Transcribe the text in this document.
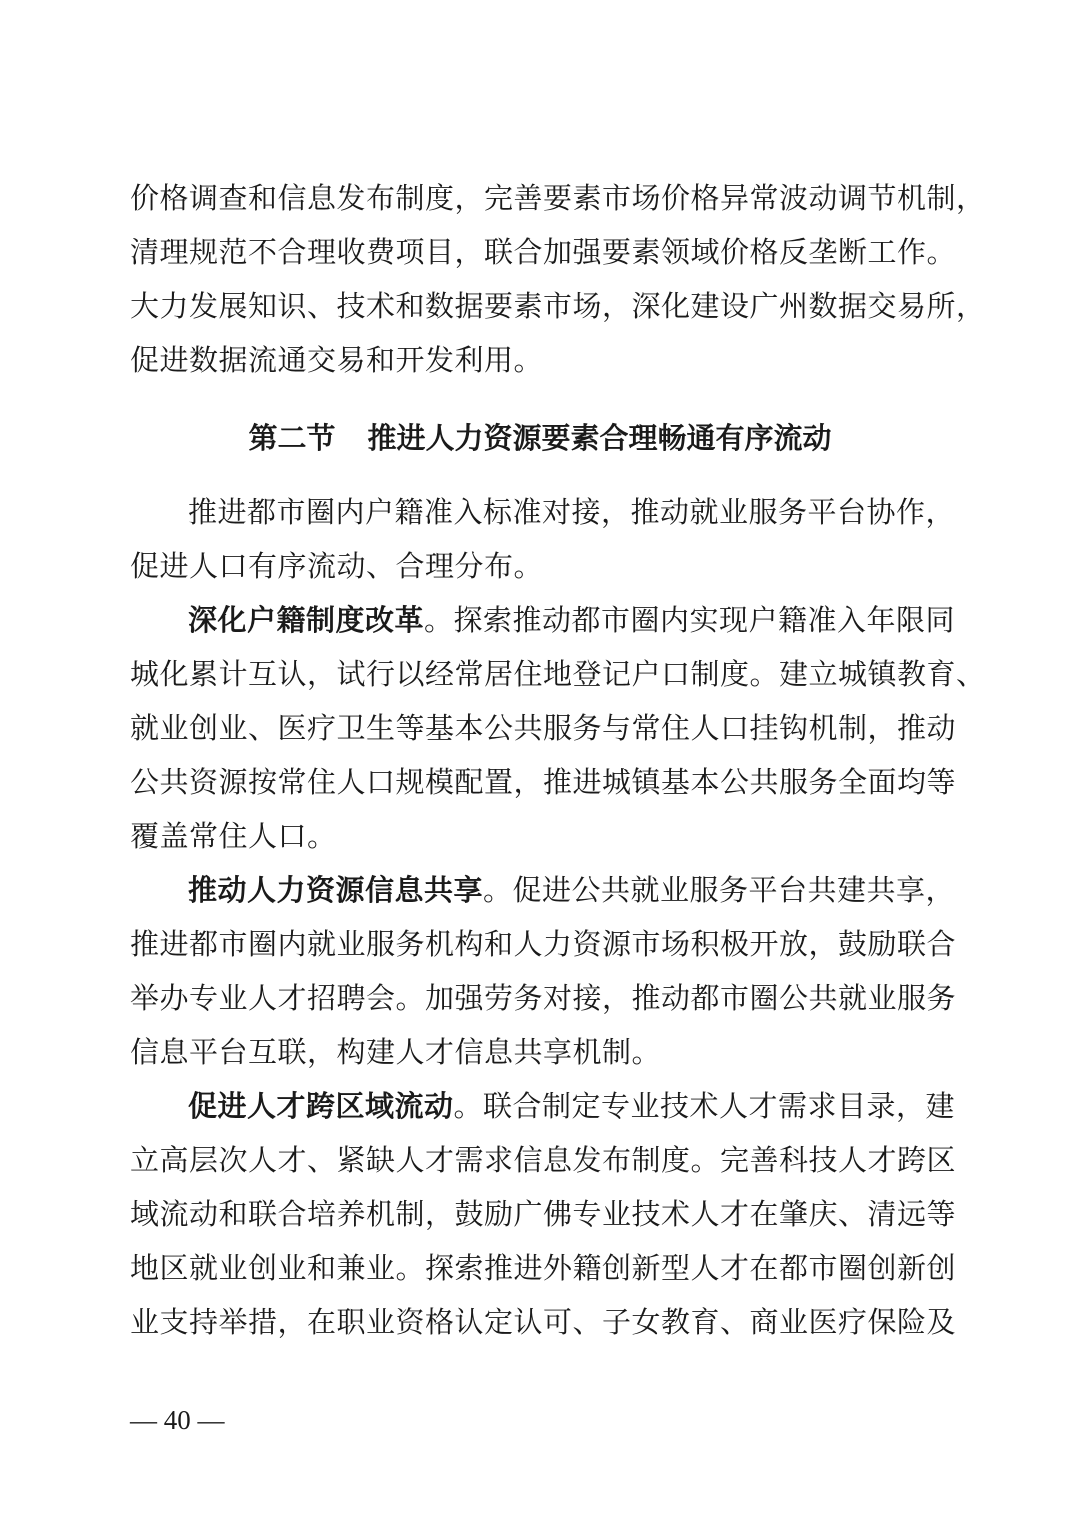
价格调查和信息发布制度，完善要素市场价格异常波动调节机制，
清理规范不合理收费项目，联合加强要素领域价格反垄断工作。
大力发展知识、技术和数据要素市场，深化建设广州数据交易所，
促进数据流通交易和开发利用。
第二节 推进人力资源要素合理畅通有序流动
推进都市圈内户籍准入标准对接，推动就业服务平台协作，
促进人口有序流动、合理分布。
深化户籍制度改革。探索推动都市圈内实现户籍准入年限同
城化累计互认，试行以经常居住地登记户口制度。建立城镇教育、
就业创业、医疗卫生等基本公共服务与常住人口挂钩机制，推动
公共资源按常住人口规模配置，推进城镇基本公共服务全面均等
覆盖常住人口。
推动人力资源信息共享。促进公共就业服务平台共建共享，
推进都市圈内就业服务机构和人力资源市场积极开放，鼓励联合
举办专业人才招聘会。加强劳务对接，推动都市圈公共就业服务
信息平台互联，构建人才信息共享机制。
促进人才跨区域流动。联合制定专业技术人才需求目录，建
立高层次人才、紧缺人才需求信息发布制度。完善科技人才跨区
域流动和联合培养机制，鼓励广佛专业技术人才在肇庆、清远等
地区就业创业和兼业。探索推进外籍创新型人才在都市圈创新创
业支持举措，在职业资格认定认可、子女教育、商业医疗保险及
— 40 —
